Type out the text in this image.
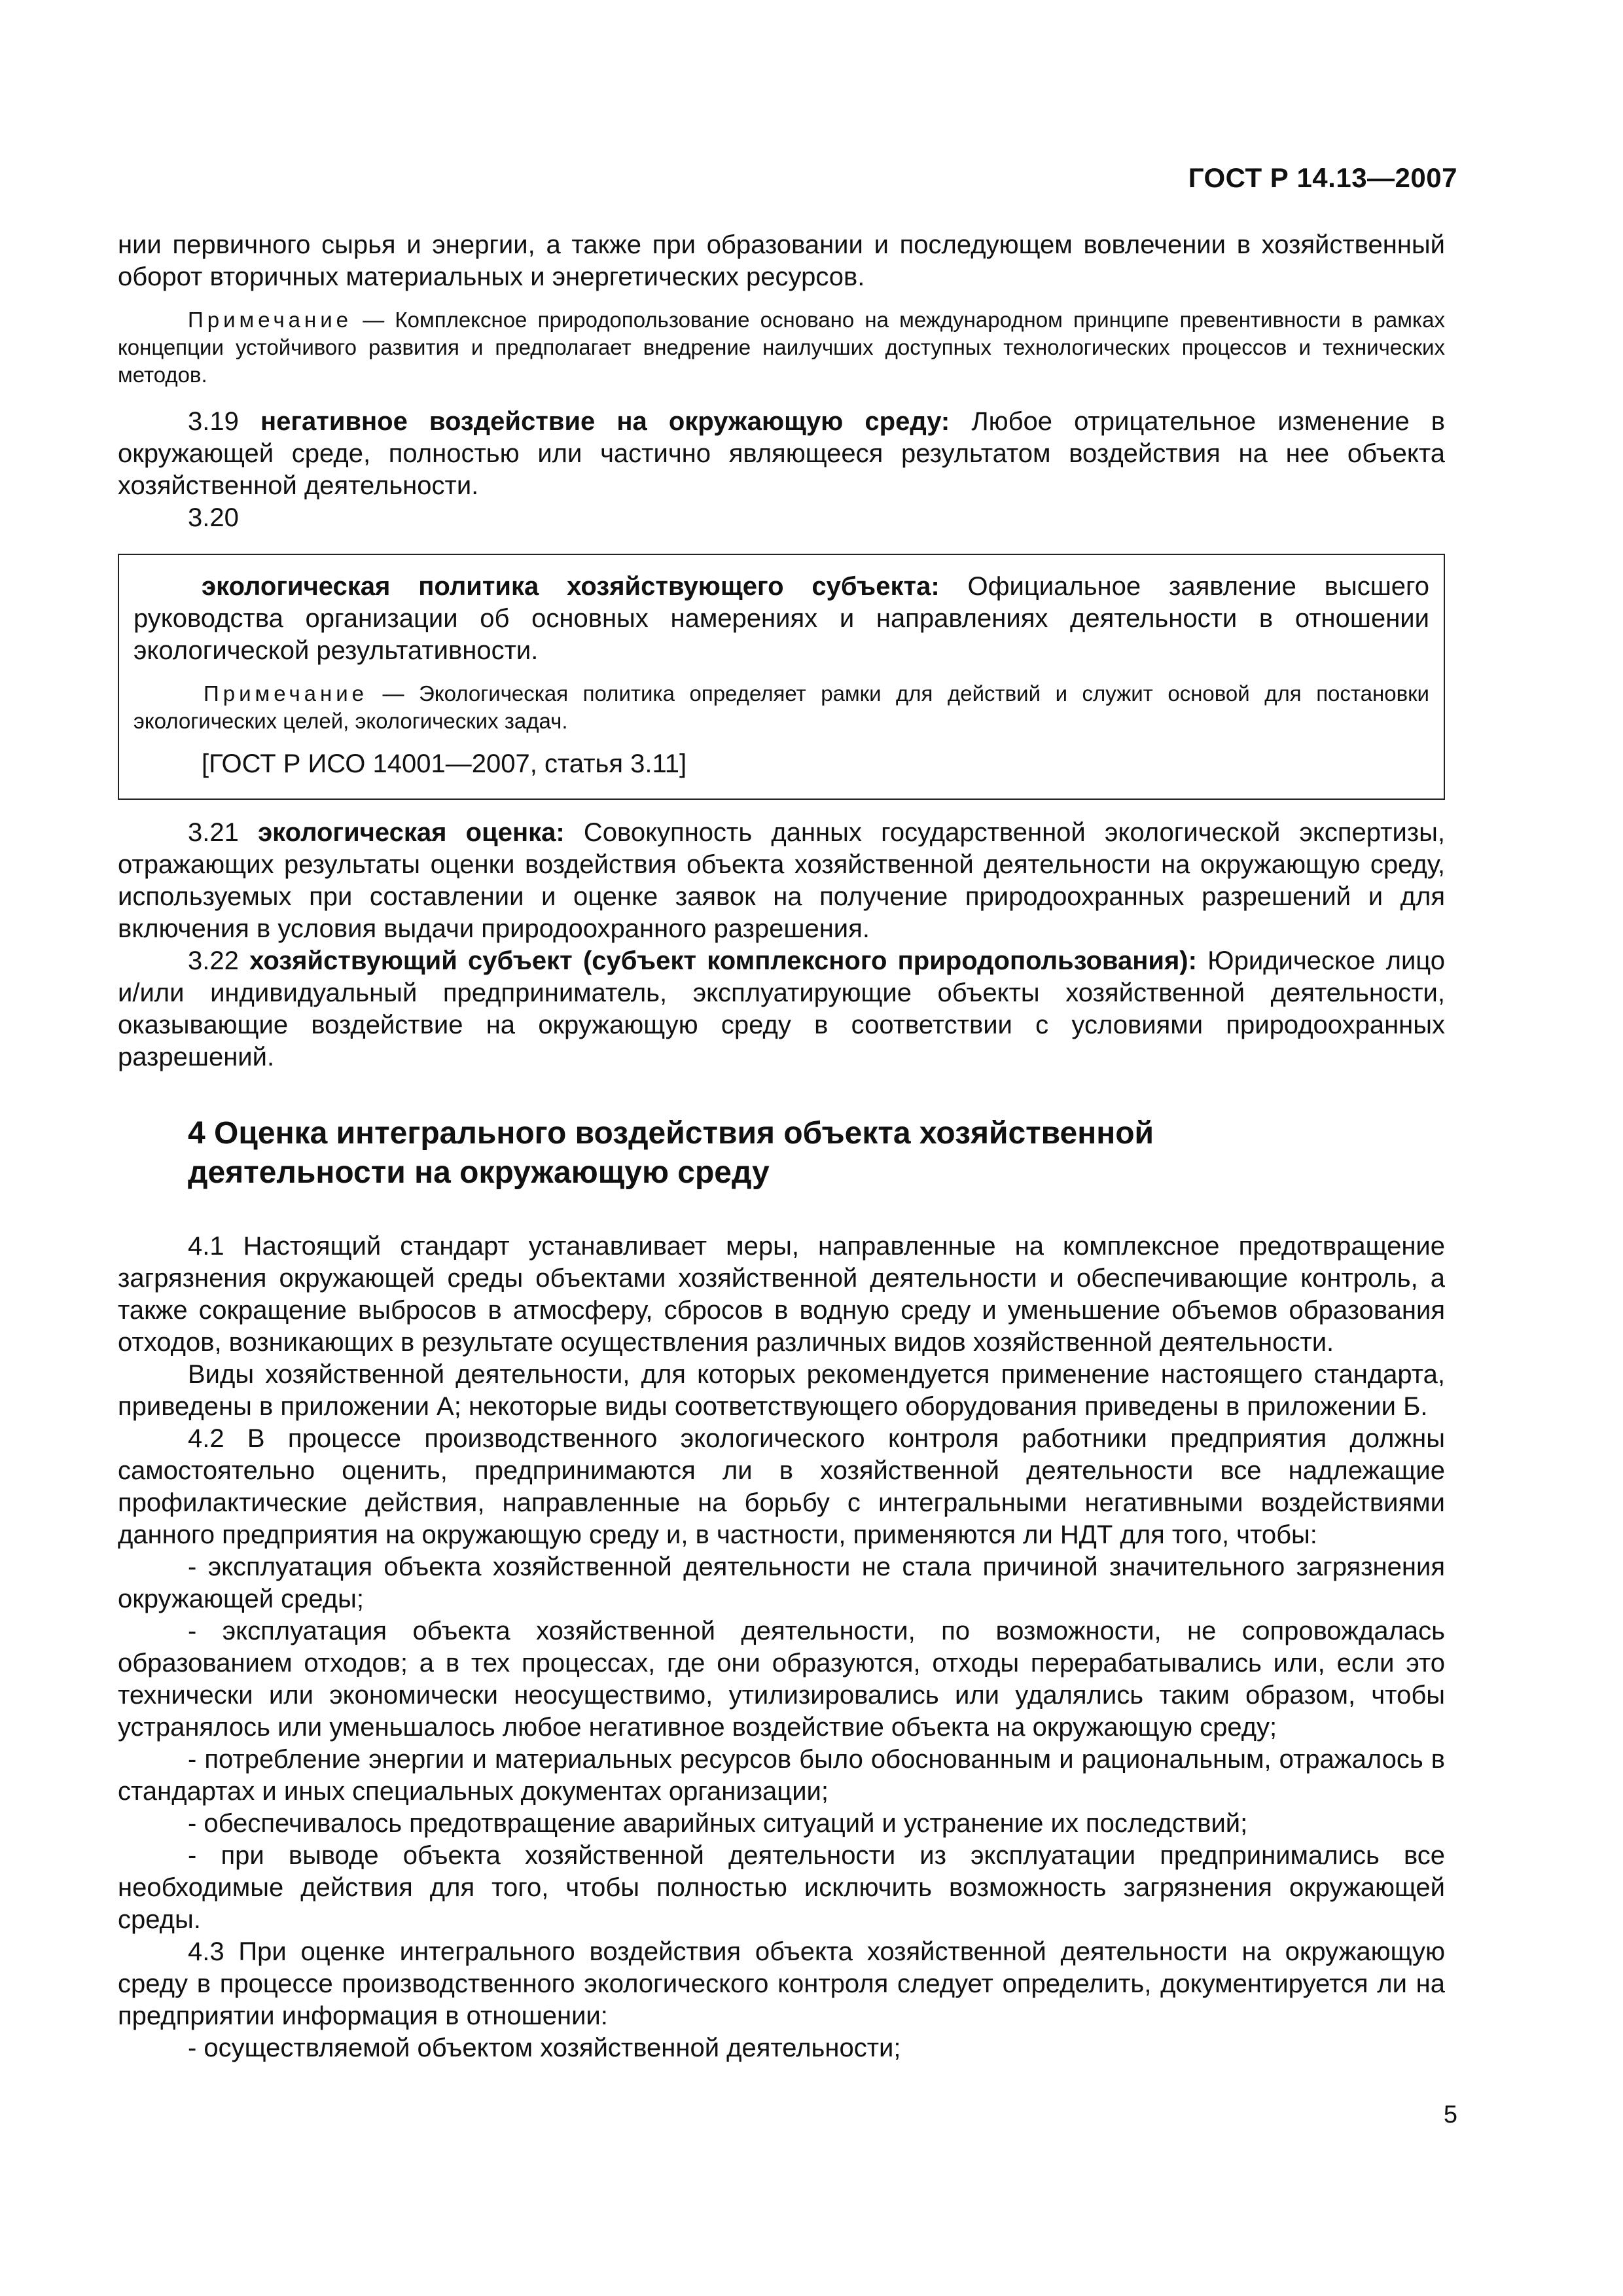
ГОСТ Р 14.13—2007

нии первичного сырья и энергии, а также при образовании и последующем вовлечении в хозяйственный оборот вторичных материальных и энергетических ресурсов.

Примечание — Комплексное природопользование основано на международном принципе превентивности в рамках концепции устойчивого развития и предполагает внедрение наилучших доступных технологических процессов и технических методов.

3.19 негативное воздействие на окружающую среду: Любое отрицательное изменение в окружающей среде, полностью или частично являющееся результатом воздействия на нее объекта хозяйственной деятельности.

3.20

экологическая политика хозяйствующего субъекта: Официальное заявление высшего руководства организации об основных намерениях и направлениях деятельности в отношении экологической результативности.

Примечание — Экологическая политика определяет рамки для действий и служит основой для постановки экологических целей, экологических задач.

[ГОСТ Р ИСО 14001—2007, статья 3.11]

3.21 экологическая оценка: Совокупность данных государственной экологической экспертизы, отражающих результаты оценки воздействия объекта хозяйственной деятельности на окружающую среду, используемых при составлении и оценке заявок на получение природоохранных разрешений и для включения в условия выдачи природоохранного разрешения.

3.22 хозяйствующий субъект (субъект комплексного природопользования): Юридическое лицо и/или индивидуальный предприниматель, эксплуатирующие объекты хозяйственной деятельности, оказывающие воздействие на окружающую среду в соответствии с условиями природоохранных разрешений.

4 Оценка интегрального воздействия объекта хозяйственной
деятельности на окружающую среду

4.1 Настоящий стандарт устанавливает меры, направленные на комплексное предотвращение загрязнения окружающей среды объектами хозяйственной деятельности и обеспечивающие контроль, а также сокращение выбросов в атмосферу, сбросов в водную среду и уменьшение объемов образования отходов, возникающих в результате осуществления различных видов хозяйственной деятельности.

Виды хозяйственной деятельности, для которых рекомендуется применение настоящего стандарта, приведены в приложении А; некоторые виды соответствующего оборудования приведены в приложении Б.

4.2 В процессе производственного экологического контроля работники предприятия должны самостоятельно оценить, предпринимаются ли в хозяйственной деятельности все надлежащие профилактические действия, направленные на борьбу с интегральными негативными воздействиями данного предприятия на окружающую среду и, в частности, применяются ли НДТ для того, чтобы:

- эксплуатация объекта хозяйственной деятельности не стала причиной значительного загрязнения окружающей среды;

- эксплуатация объекта хозяйственной деятельности, по возможности, не сопровождалась образованием отходов; а в тех процессах, где они образуются, отходы перерабатывались или, если это технически или экономически неосуществимо, утилизировались или удалялись таким образом, чтобы устранялось или уменьшалось любое негативное воздействие объекта на окружающую среду;

- потребление энергии и материальных ресурсов было обоснованным и рациональным, отражалось в стандартах и иных специальных документах организации;

- обеспечивалось предотвращение аварийных ситуаций и устранение их последствий;

- при выводе объекта хозяйственной деятельности из эксплуатации предпринимались все необходимые действия для того, чтобы полностью исключить возможность загрязнения окружающей среды.

4.3 При оценке интегрального воздействия объекта хозяйственной деятельности на окружающую среду в процессе производственного экологического контроля следует определить, документируется ли на предприятии информация в отношении:

- осуществляемой объектом хозяйственной деятельности;

5
